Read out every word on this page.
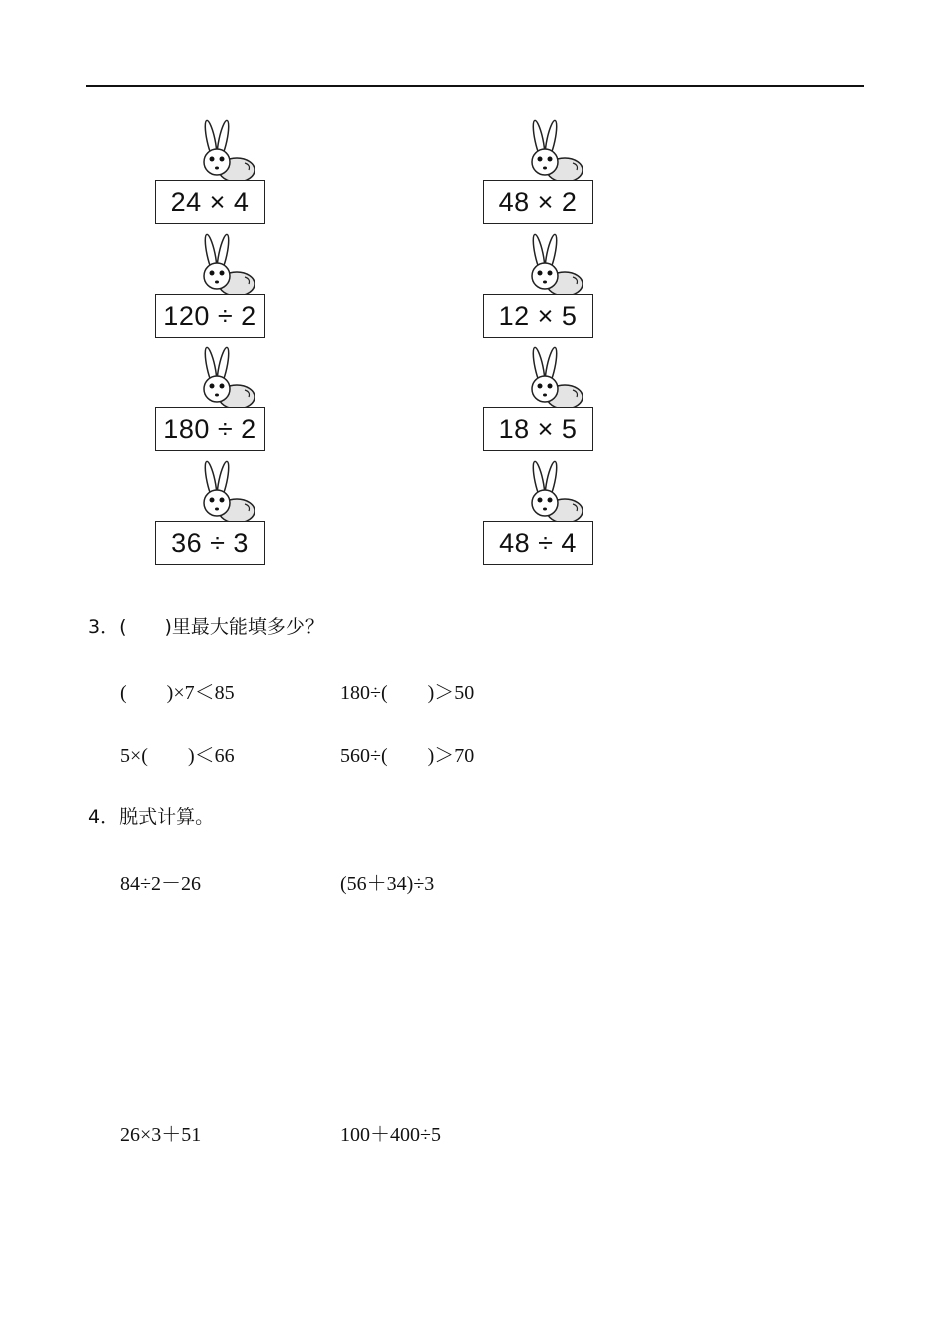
24 × 4
120 ÷ 2
180 ÷ 2
36 ÷ 3
48 × 2
12 × 5
18 × 5
48 ÷ 4
3．(　　)里最大能填多少？
(　　)×7＜85	180÷(　　)＞50
5×(　　)＜66	560÷(　　)＞70
4．脱式计算。
84÷2－26	(56＋34)÷3
26×3＋51	100＋400÷5
